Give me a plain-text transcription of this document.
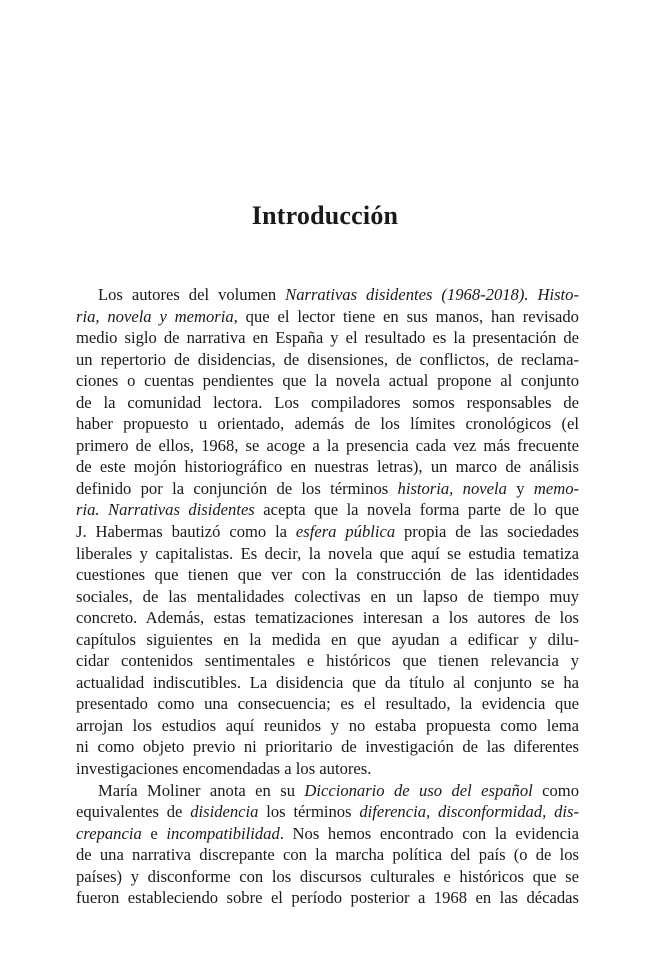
Introducción
Los autores del volumen Narrativas disidentes (1968-2018). Histo-
ria, novela y memoria, que el lector tiene en sus manos, han revisado
medio siglo de narrativa en España y el resultado es la presentación de
un repertorio de disidencias, de disensiones, de conflictos, de reclama-
ciones o cuentas pendientes que la novela actual propone al conjunto
de la comunidad lectora. Los compiladores somos responsables de
haber propuesto u orientado, además de los límites cronológicos (el
primero de ellos, 1968, se acoge a la presencia cada vez más frecuente
de este mojón historiográfico en nuestras letras), un marco de análisis
definido por la conjunción de los términos historia, novela y memo-
ria. Narrativas disidentes acepta que la novela forma parte de lo que
J. Habermas bautizó como la esfera pública propia de las sociedades
liberales y capitalistas. Es decir, la novela que aquí se estudia tematiza
cuestiones que tienen que ver con la construcción de las identidades
sociales, de las mentalidades colectivas en un lapso de tiempo muy
concreto. Además, estas tematizaciones interesan a los autores de los
capítulos siguientes en la medida en que ayudan a edificar y dilu-
cidar contenidos sentimentales e históricos que tienen relevancia y
actualidad indiscutibles. La disidencia que da título al conjunto se ha
presentado como una consecuencia; es el resultado, la evidencia que
arrojan los estudios aquí reunidos y no estaba propuesta como lema
ni como objeto previo ni prioritario de investigación de las diferentes
investigaciones encomendadas a los autores.
María Moliner anota en su Diccionario de uso del español como
equivalentes de disidencia los términos diferencia, disconformidad, dis-
crepancia e incompatibilidad. Nos hemos encontrado con la evidencia
de una narrativa discrepante con la marcha política del país (o de los
países) y disconforme con los discursos culturales e históricos que se
fueron estableciendo sobre el período posterior a 1968 en las décadas
